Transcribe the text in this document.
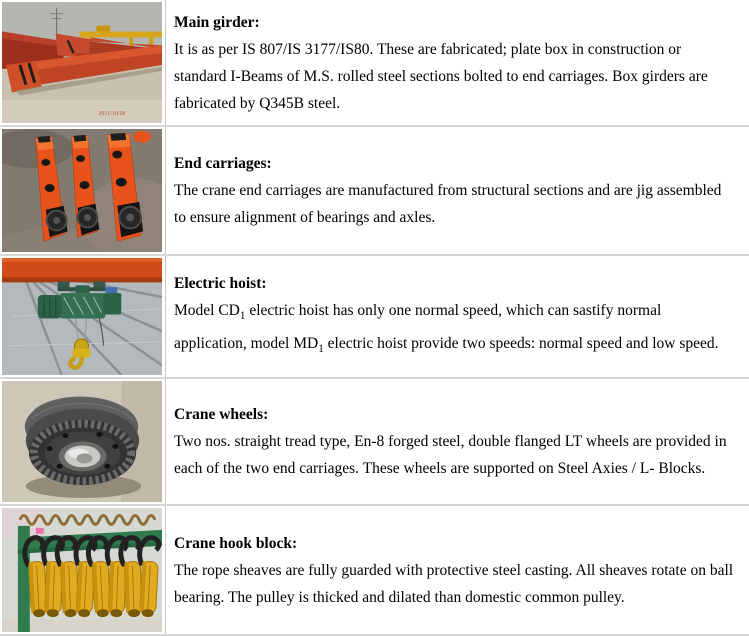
2011/10/18
Main girder:
It is as per IS 807/IS 3177/IS80. These are fabricated; plate box in construction or standard I-Beams of M.S. rolled steel sections bolted to end carriages. Box girders are fabricated by Q345B steel.
End carriages:
The crane end carriages are manufactured from structural sections and are jig assembled to ensure alignment of bearings and axles.
Electric hoist:
Model $CD_1$ electric hoist has only one normal speed, which can sastify normal application, model $MD_1$ electric hoist provide two speeds: normal speed and low speed.
Crane wheels:
Two nos. straight tread type, En-8 forged steel, double flanged LT wheels are provided in each of the two end carriages. These wheels are supported on Steel Axies / L- Blocks.
Crane hook block:
The rope sheaves are fully guarded with protective steel casting. All sheaves rotate on ball bearing. The pulley is thicked and dilated than domestic common pulley.
